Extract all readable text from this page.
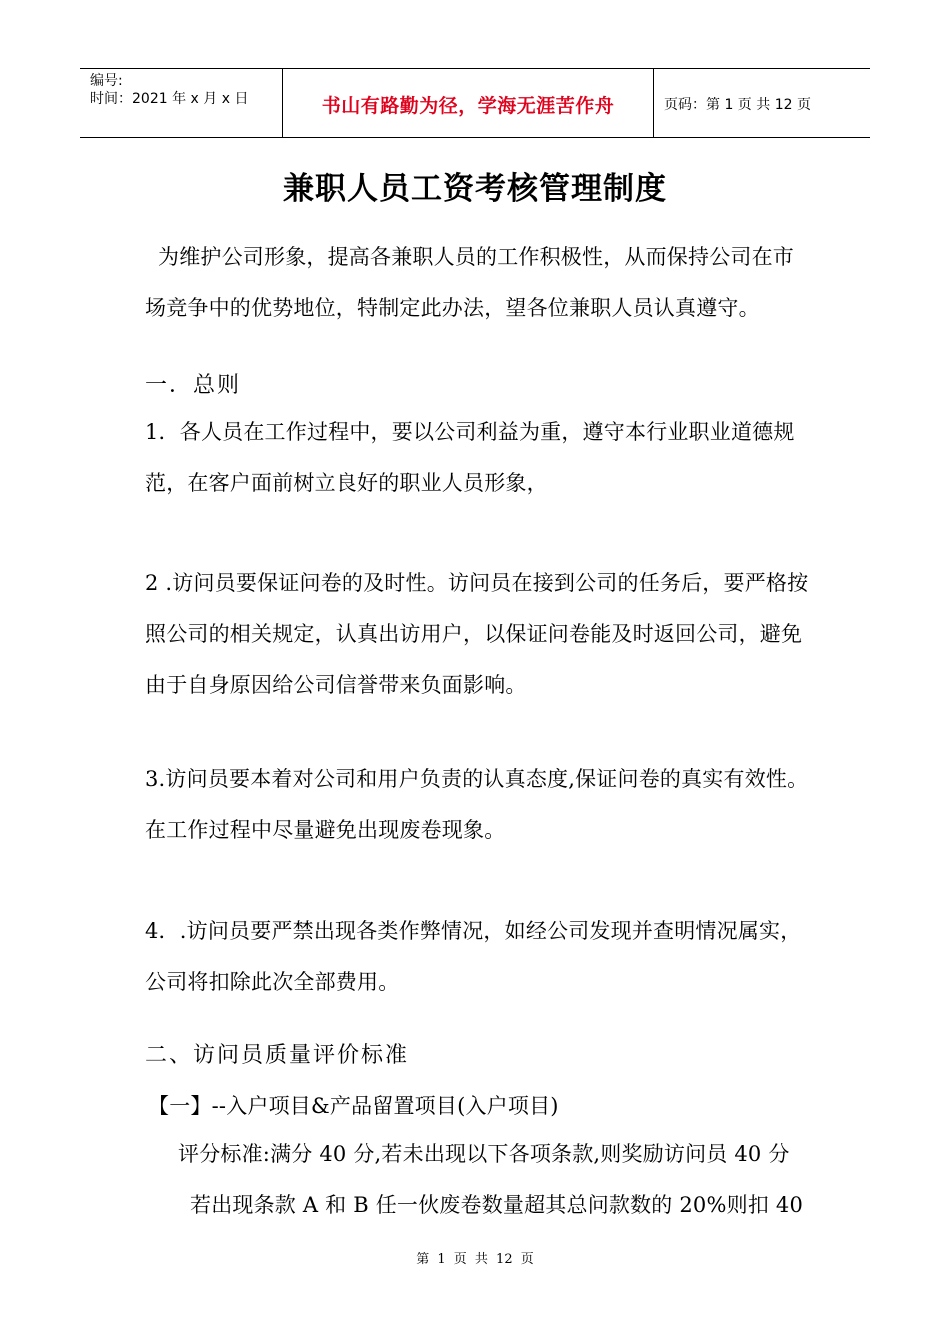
编号:
时间：2021 年 x 月 x 日	书山有路勤为径，学海无涯苦作舟	页码：第 1 页 共 12 页
兼职人员工资考核管理制度

为维护公司形象，提高各兼职人员的工作积极性，从而保持公司在市场竞争中的优势地位，特制定此办法，望各位兼职人员认真遵守。

一．总则

1．各人员在工作过程中，要以公司利益为重，遵守本行业职业道德规范，在客户面前树立良好的职业人员形象，

2 .访问员要保证问卷的及时性。访问员在接到公司的任务后，要严格按照公司的相关规定，认真出访用户，以保证问卷能及时返回公司，避免由于自身原因给公司信誉带来负面影响。

3.访问员要本着对公司和用户负责的认真态度,保证问卷的真实有效性。在工作过程中尽量避免出现废卷现象。

4．.访问员要严禁出现各类作弊情况，如经公司发现并查明情况属实，公司将扣除此次全部费用。

二、访问员质量评价标准

【一】--入户项目&产品留置项目(入户项目)

评分标准:满分 40 分,若未出现以下各项条款,则奖励访问员 40 分

若出现条款 A 和 B 任一伙废卷数量超其总问款数的 20%则扣 40

第 1 页 共 12 页
